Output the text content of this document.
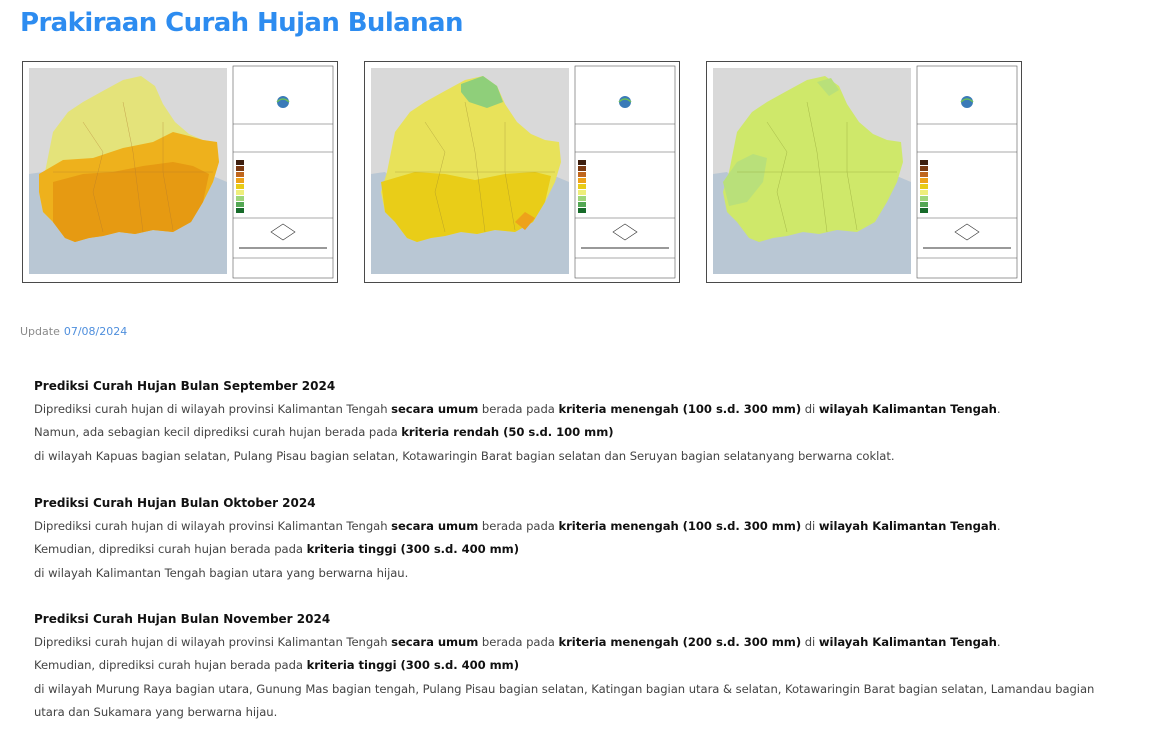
Prakiraan Curah Hujan Bulanan
Update 07/08/2024
Prediksi Curah Hujan Bulan September 2024

Diprediksi curah hujan di wilayah provinsi Kalimantan Tengah secara umum berada pada kriteria menengah (100 s.d. 300 mm) di wilayah Kalimantan Tengah.

Namun, ada sebagian kecil diprediksi curah hujan berada pada kriteria rendah (50 s.d. 100 mm)

di wilayah Kapuas bagian selatan, Pulang Pisau bagian selatan, Kotawaringin Barat bagian selatan dan Seruyan bagian selatanyang berwarna coklat.

Prediksi Curah Hujan Bulan Oktober 2024

Diprediksi curah hujan di wilayah provinsi Kalimantan Tengah secara umum berada pada kriteria menengah (100 s.d. 300 mm) di wilayah Kalimantan Tengah.

Kemudian, diprediksi curah hujan berada pada kriteria tinggi (300 s.d. 400 mm)

di wilayah Kalimantan Tengah bagian utara yang berwarna hijau.

Prediksi Curah Hujan Bulan November 2024

Diprediksi curah hujan di wilayah provinsi Kalimantan Tengah secara umum berada pada kriteria menengah (200 s.d. 300 mm) di wilayah Kalimantan Tengah.

Kemudian, diprediksi curah hujan berada pada kriteria tinggi (300 s.d. 400 mm)

di wilayah Murung Raya bagian utara, Gunung Mas bagian tengah, Pulang Pisau bagian selatan, Katingan bagian utara & selatan, Kotawaringin Barat bagian selatan, Lamandau bagian utara dan Sukamara yang berwarna hijau.
